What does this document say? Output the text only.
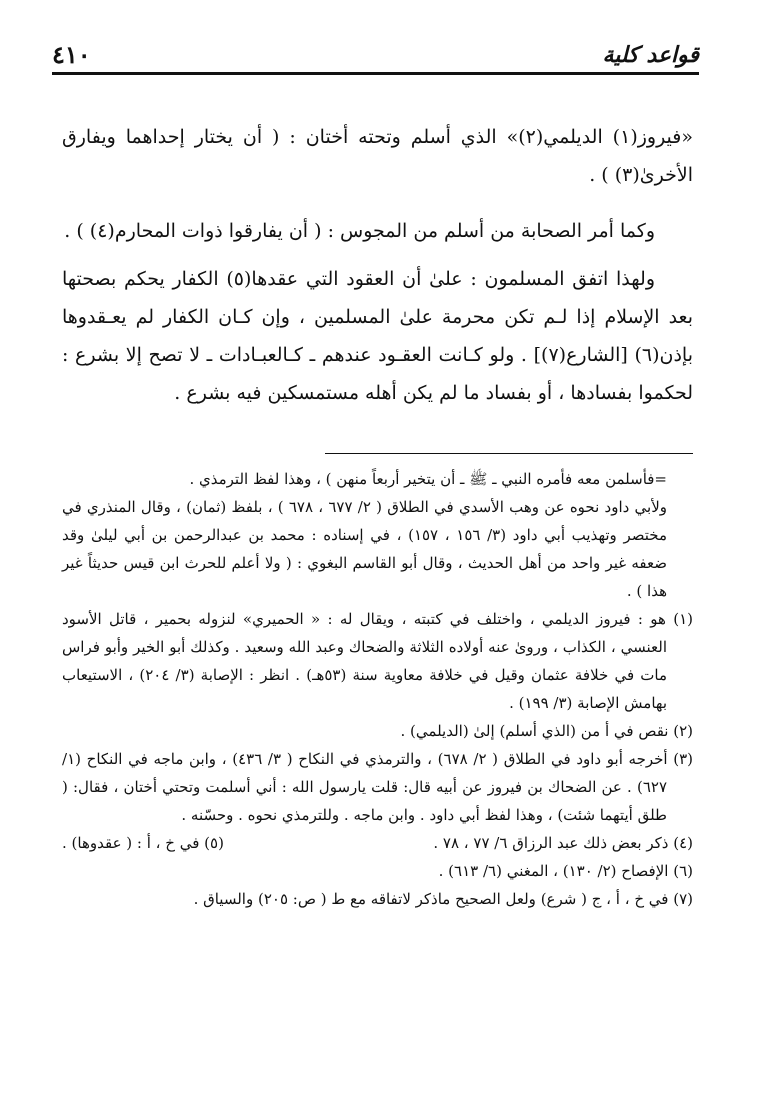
قواعد كلية
٤١٠

«فيروز(١) الديلمي(٢)» الذي أسلم وتحته أختان : ( أن يختار إحداهما ويفارق الأخرىٰ(٣) ) .

وكما أمر الصحابة من أسلم من المجوس : ( أن يفارقوا ذوات المحارم(٤) ) .

ولهذا اتفق المسلمون : علىٰ أن العقود التي عقدها(٥) الكفار يحكم بصحتها بعد الإسلام إذا لـم تكن محرمة علىٰ المسلمين ، وإن كـان الكفار لم يعـقدوها بإذن(٦) [الشارع(٧)] . ولو كـانت العقـود عندهم ـ كـالعبـادات ـ لا تصح إلا بشرع : لحكموا بفسادها ، أو بفساد ما لم يكن أهله مستمسكين فيه بشرع .

=فأسلمن معه فأمره النبي ـ ﷺ ـ أن يتخير أربعاً منهن ) ، وهذا لفظ الترمذي .

ولأبي داود نحوه عن وهب الأسدي في الطلاق ( ٢/ ٦٧٧ ، ٦٧٨ ) ، بلفظ (ثمان) ، وقال المنذري في مختصر وتهذيب أبي داود (٣/ ١٥٦ ، ١٥٧) ، في إسناده : محمد بن عبدالرحمن بن أبي ليلىٰ وقد ضعفه غير واحد من أهل الحديث ، وقال أبو القاسم البغوي : ( ولا أعلم للحرث ابن قيس حديثاً غير هذا ) .

(١) هو : فيروز الديلمي ، واختلف في كتبته ، ويقال له : « الحميري» لنزوله بحمير ، قاتل الأسود العنسي ، الكذاب ، وروىٰ عنه أولاده الثلاثة والضحاك وعبد الله وسعيد . وكذلك أبو الخير وأبو فراس مات في خلافة عثمان وقيل في خلافة معاوية سنة (٥٣هـ) . انظر : الإصابة (٣/ ٢٠٤) ، الاستيعاب بهامش الإصابة (٣/ ١٩٩) .

(٢) نقص في أ من (الذي أسلم) إلىٰ (الديلمي) .

(٣) أخرجه أبو داود في الطلاق ( ٢/ ٦٧٨) ، والترمذي في النكاح ( ٣/ ٤٣٦) ، وابن ماجه في النكاح (١/ ٦٢٧) . عن الضحاك بن فيروز عن أبيه قال: قلت يارسول الله : أني أسلمت وتحتي أختان ، فقال: ( طلق أيتهما شئت) ، وهذا لفظ أبي داود . وابن ماجه . وللترمذي نحوه . وحسّنه .

(٤) ذكر بعض ذلك عبد الرزاق ٦/ ٧٧ ، ٧٨ .
(٥) في خ ، أ : ( عقدوها) .

(٦) الإفصاح (٢/ ١٣٠) ، المغني (٦/ ٦١٣) .

(٧) في خ ، أ ، ج ( شرع) ولعل الصحيح ماذكر لاتفاقه مع ط ( ص: ٢٠٥) والسياق .
